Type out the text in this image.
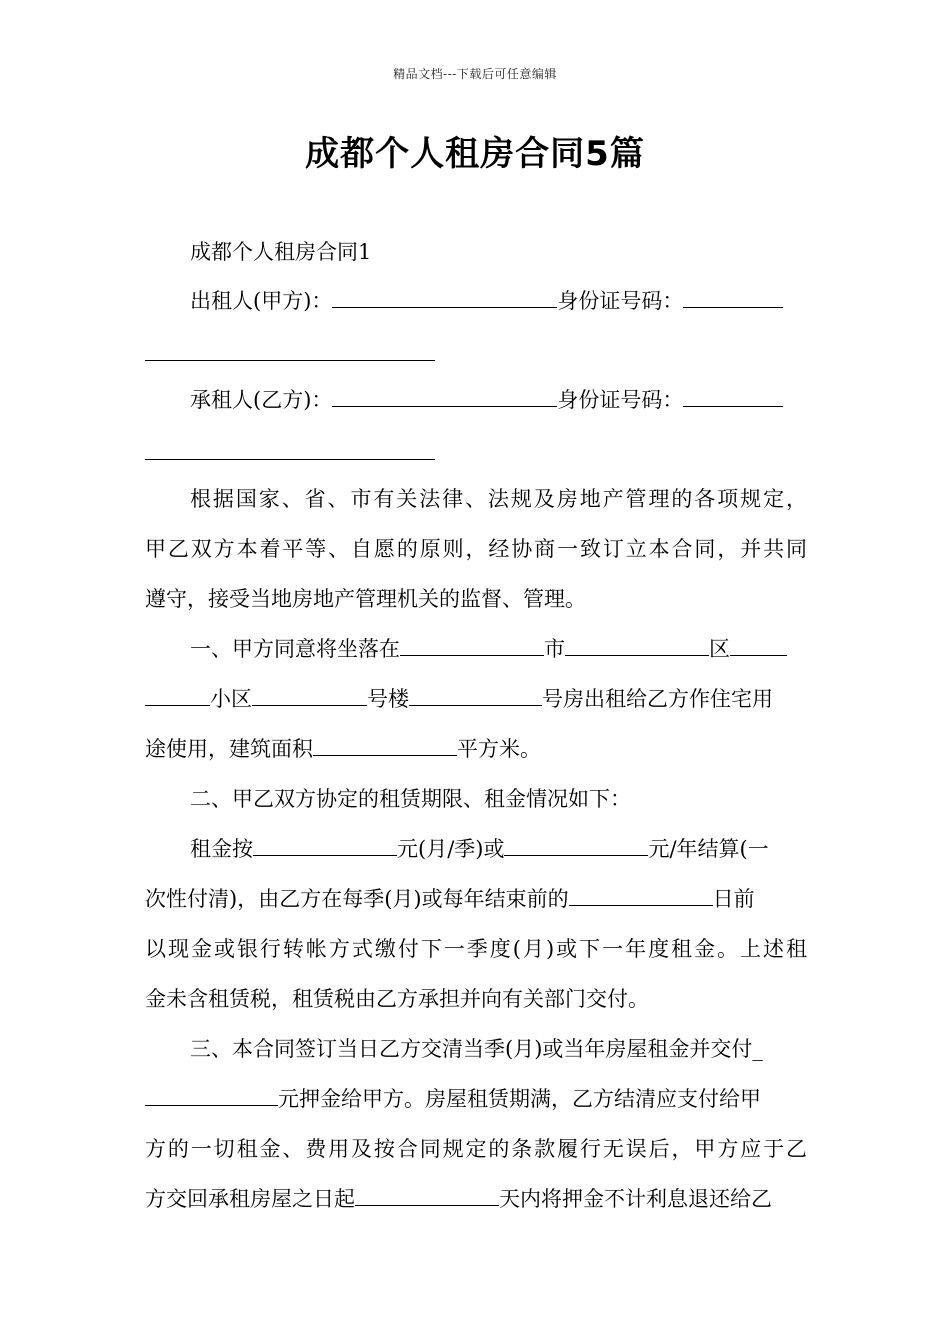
精品文档---下载后可任意编辑
成都个人租房合同5篇
成都个人租房合同1
出租人(甲方)：	身份证号码：
承租人(乙方)：	身份证号码：
根据国家、省、市有关法律、法规及房地产管理的各项规定，
甲乙双方本着平等、自愿的原则，经协商一致订立本合同，并共同
遵守，接受当地房地产管理机关的监督、管理。
一、甲方同意将坐落在	市	区
小区	号楼	号房出租给乙方作住宅用
途使用，建筑面积	平方米。
二、甲乙双方协定的租赁期限、租金情况如下：
租金按	元(月/季)或	元/年结算(一
次性付清)，由乙方在每季(月)或每年结束前的	日前
以现金或银行转帐方式缴付下一季度(月)或下一年度租金。上述租
金未含租赁税，租赁税由乙方承担并向有关部门交付。
三、本合同签订当日乙方交清当季(月)或当年房屋租金并交付_
元押金给甲方。房屋租赁期满，乙方结清应支付给甲
方的一切租金、费用及按合同规定的条款履行无误后，甲方应于乙
方交回承租房屋之日起	天内将押金不计利息退还给乙
